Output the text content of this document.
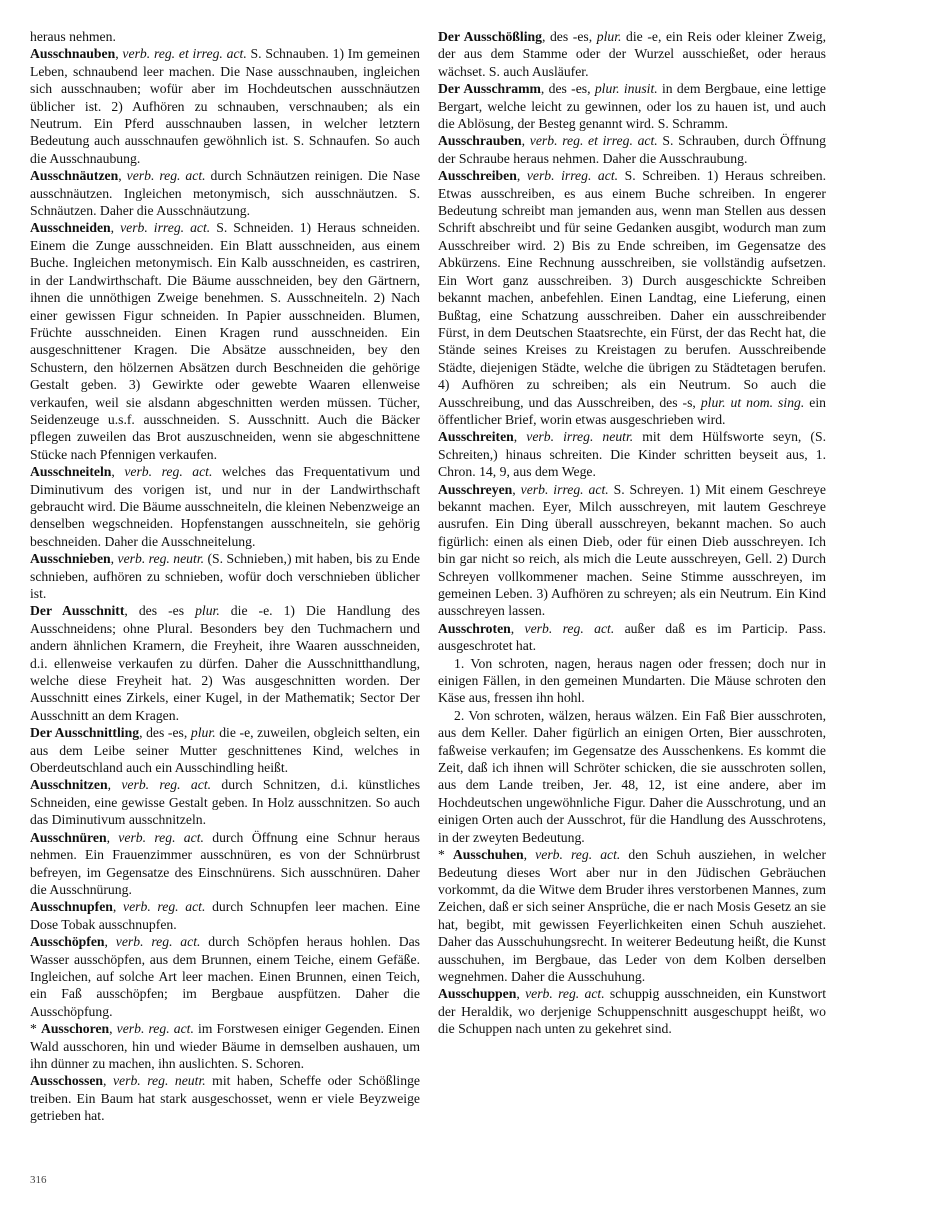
heraus nehmen.

Ausschnauben, verb. reg. et irreg. act. S. Schnauben. 1) Im gemeinen Leben, schnaubend leer machen. Die Nase ausschnauben, ingleichen sich ausschnauben; wofür aber im Hochdeutschen ausschnäutzen üblicher ist. 2) Aufhören zu schnauben, verschnauben; als ein Neutrum. Ein Pferd ausschnauben lassen, in welcher letztern Bedeutung auch ausschnaufen gewöhnlich ist. S. Schnaufen. So auch die Ausschnaubung.

Ausschnäutzen, verb. reg. act. durch Schnäutzen reinigen. Die Nase ausschnäutzen. Ingleichen metonymisch, sich ausschnäutzen. S. Schnäutzen. Daher die Ausschnäutzung.

Ausschneiden, verb. irreg. act. S. Schneiden. 1) Heraus schneiden. Einem die Zunge ausschneiden. Ein Blatt ausschneiden, aus einem Buche. Ingleichen metonymisch. Ein Kalb ausschneiden, es castriren, in der Landwirthschaft. Die Bäume ausschneiden, bey den Gärtnern, ihnen die unnöthigen Zweige benehmen. S. Ausschneiteln. 2) Nach einer gewissen Figur schneiden. In Papier ausschneiden. Blumen, Früchte ausschneiden. Einen Kragen rund ausschneiden. Ein ausgeschnittener Kragen. Die Absätze ausschneiden, bey den Schustern, den hölzernen Absätzen durch Beschneiden die gehörige Gestalt geben. 3) Gewirkte oder gewebte Waaren ellenweise verkaufen, weil sie alsdann abgeschnitten werden müssen. Tücher, Seidenzeuge u.s.f. ausschneiden. S. Ausschnitt. Auch die Bäcker pflegen zuweilen das Brot auszuschneiden, wenn sie abgeschnittene Stücke nach Pfennigen verkaufen.

Ausschneiteln, verb. reg. act. welches das Frequentativum und Diminutivum des vorigen ist, und nur in der Landwirthschaft gebraucht wird. Die Bäume ausschneiteln, die kleinen Nebenzweige an denselben wegschneiden. Hopfenstangen ausschneiteln, sie gehörig beschneiden. Daher die Ausschneitelung.

Ausschnieben, verb. reg. neutr. (S. Schnieben,) mit haben, bis zu Ende schnieben, aufhören zu schnieben, wofür doch verschnieben üblicher ist.

Der Ausschnitt, des -es plur. die -e. 1) Die Handlung des Ausschneidens; ohne Plural. Besonders bey den Tuchmachern und andern ähnlichen Kramern, die Freyheit, ihre Waaren ausschneiden, d.i. ellenweise verkaufen zu dürfen. Daher die Ausschnitthandlung, welche diese Freyheit hat. 2) Was ausgeschnitten worden. Der Ausschnitt eines Zirkels, einer Kugel, in der Mathematik; Sector Der Ausschnitt an dem Kragen.

Der Ausschnittling, des -es, plur. die -e, zuweilen, obgleich selten, ein aus dem Leibe seiner Mutter geschnittenes Kind, welches in Oberdeutschland auch ein Ausschindling heißt.

Ausschnitzen, verb. reg. act. durch Schnitzen, d.i. künstliches Schneiden, eine gewisse Gestalt geben. In Holz ausschnitzen. So auch das Diminutivum ausschnitzeln.

Ausschnüren, verb. reg. act. durch Öffnung eine Schnur heraus nehmen. Ein Frauenzimmer ausschnüren, es von der Schnürbrust befreyen, im Gegensatze des Einschnürens. Sich ausschnüren. Daher die Ausschnürung.

Ausschnupfen, verb. reg. act. durch Schnupfen leer machen. Eine Dose Tobak ausschnupfen.

Ausschöpfen, verb. reg. act. durch Schöpfen heraus hohlen. Das Wasser ausschöpfen, aus dem Brunnen, einem Teiche, einem Gefäße. Ingleichen, auf solche Art leer machen. Einen Brunnen, einen Teich, ein Faß ausschöpfen; im Bergbaue auspfützen. Daher die Ausschöpfung.

* Ausschoren, verb. reg. act. im Forstwesen einiger Gegenden. Einen Wald ausschoren, hin und wieder Bäume in demselben aushauen, um ihn dünner zu machen, ihn auslichten. S. Schoren.

Ausschossen, verb. reg. neutr. mit haben, Scheffe oder Schößlinge treiben. Ein Baum hat stark ausgeschosset, wenn er viele Beyzweige getrieben hat.

Der Ausschößling, des -es, plur. die -e, ein Reis oder kleiner Zweig, der aus dem Stamme oder der Wurzel ausschießet, oder heraus wächset. S. auch Ausläufer.

Der Ausschramm, des -es, plur. inusit. in dem Bergbaue, eine lettige Bergart, welche leicht zu gewinnen, oder los zu hauen ist, und auch die Ablösung, der Besteg genannt wird. S. Schramm.

Ausschrauben, verb. reg. et irreg. act. S. Schrauben, durch Öffnung der Schraube heraus nehmen. Daher die Ausschraubung.

Ausschreiben, verb. irreg. act. S. Schreiben. 1) Heraus schreiben. Etwas ausschreiben, es aus einem Buche schreiben. In engerer Bedeutung schreibt man jemanden aus, wenn man Stellen aus dessen Schrift abschreibt und für seine Gedanken ausgibt, wodurch man zum Ausschreiber wird. 2) Bis zu Ende schreiben, im Gegensatze des Abkürzens. Eine Rechnung ausschreiben, sie vollständig aufsetzen. Ein Wort ganz ausschreiben. 3) Durch ausgeschickte Schreiben bekannt machen, anbefehlen. Einen Landtag, eine Lieferung, einen Bußtag, eine Schatzung ausschreiben. Daher ein ausschreibender Fürst, in dem Deutschen Staatsrechte, ein Fürst, der das Recht hat, die Stände seines Kreises zu Kreistagen zu berufen. Ausschreibende Städte, diejenigen Städte, welche die übrigen zu Städtetagen berufen. 4) Aufhören zu schreiben; als ein Neutrum. So auch die Ausschreibung, und das Ausschreiben, des -s, plur. ut nom. sing. ein öffentlicher Brief, worin etwas ausgeschrieben wird.

Ausschreiten, verb. irreg. neutr. mit dem Hülfsworte seyn, (S. Schreiten,) hinaus schreiten. Die Kinder schritten beyseit aus, 1. Chron. 14, 9, aus dem Wege.

Ausschreyen, verb. irreg. act. S. Schreyen. 1) Mit einem Geschreye bekannt machen. Eyer, Milch ausschreyen, mit lautem Geschreye ausrufen. Ein Ding überall ausschreyen, bekannt machen. So auch figürlich: einen als einen Dieb, oder für einen Dieb ausschreyen. Ich bin gar nicht so reich, als mich die Leute ausschreyen, Gell. 2) Durch Schreyen vollkommener machen. Seine Stimme ausschreyen, im gemeinen Leben. 3) Aufhören zu schreyen; als ein Neutrum. Ein Kind ausschreyen lassen.

Ausschroten, verb. reg. act. außer daß es im Particip. Pass. ausgeschrotet hat.

1. Von schroten, nagen, heraus nagen oder fressen; doch nur in einigen Fällen, in den gemeinen Mundarten. Die Mäuse schroten den Käse aus, fressen ihn hohl.

2. Von schroten, wälzen, heraus wälzen. Ein Faß Bier ausschroten, aus dem Keller. Daher figürlich an einigen Orten, Bier ausschroten, faßweise verkaufen; im Gegensatze des Ausschenkens. Es kommt die Zeit, daß ich ihnen will Schröter schicken, die sie ausschroten sollen, aus dem Lande treiben, Jer. 48, 12, ist eine andere, aber im Hochdeutschen ungewöhnliche Figur. Daher die Ausschrotung, und an einigen Orten auch der Ausschrot, für die Handlung des Ausschrotens, in der zweyten Bedeutung.

* Ausschuhen, verb. reg. act. den Schuh ausziehen, in welcher Bedeutung dieses Wort aber nur in den Jüdischen Gebräuchen vorkommt, da die Witwe dem Bruder ihres verstorbenen Mannes, zum Zeichen, daß er sich seiner Ansprüche, die er nach Mosis Gesetz an sie hat, begibt, mit gewissen Feyerlichkeiten einen Schuh ausziehet. Daher das Ausschuhungsrecht. In weiterer Bedeutung heißt, die Kunst ausschuhen, im Bergbaue, das Leder von dem Kolben derselben wegnehmen. Daher die Ausschuhung.

Ausschuppen, verb. reg. act. schuppig ausschneiden, ein Kunstwort der Heraldik, wo derjenige Schuppenschnitt ausgeschuppt heißt, wo die Schuppen nach unten zu gekehret sind.

316
